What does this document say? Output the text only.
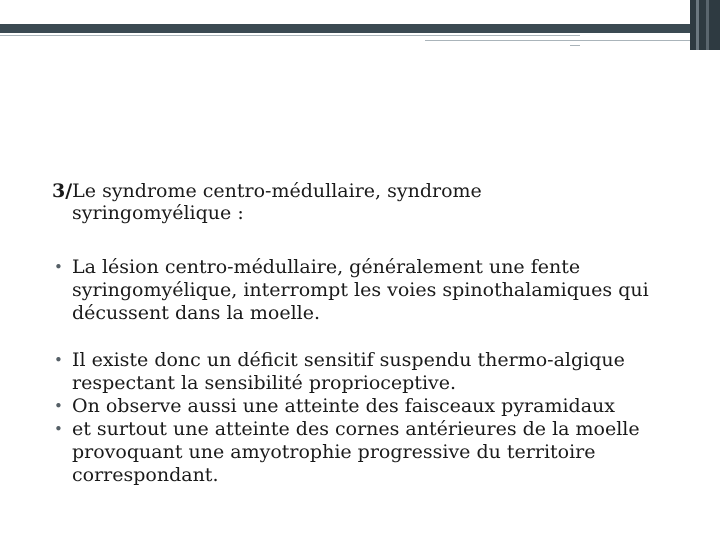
3/Le syndrome centro-médullaire, syndrome
syringomyélique :
• La lésion centro-médullaire, généralement une fente syringomyélique, interrompt les voies spinothalamiques qui décussent dans la moelle.
• Il existe donc un déficit sensitif suspendu thermo-algique respectant la sensibilité proprioceptive.
• On observe aussi une atteinte des faisceaux pyramidaux
• et surtout une atteinte des cornes antérieures de la moelle provoquant une amyotrophie progressive du territoire correspondant.
